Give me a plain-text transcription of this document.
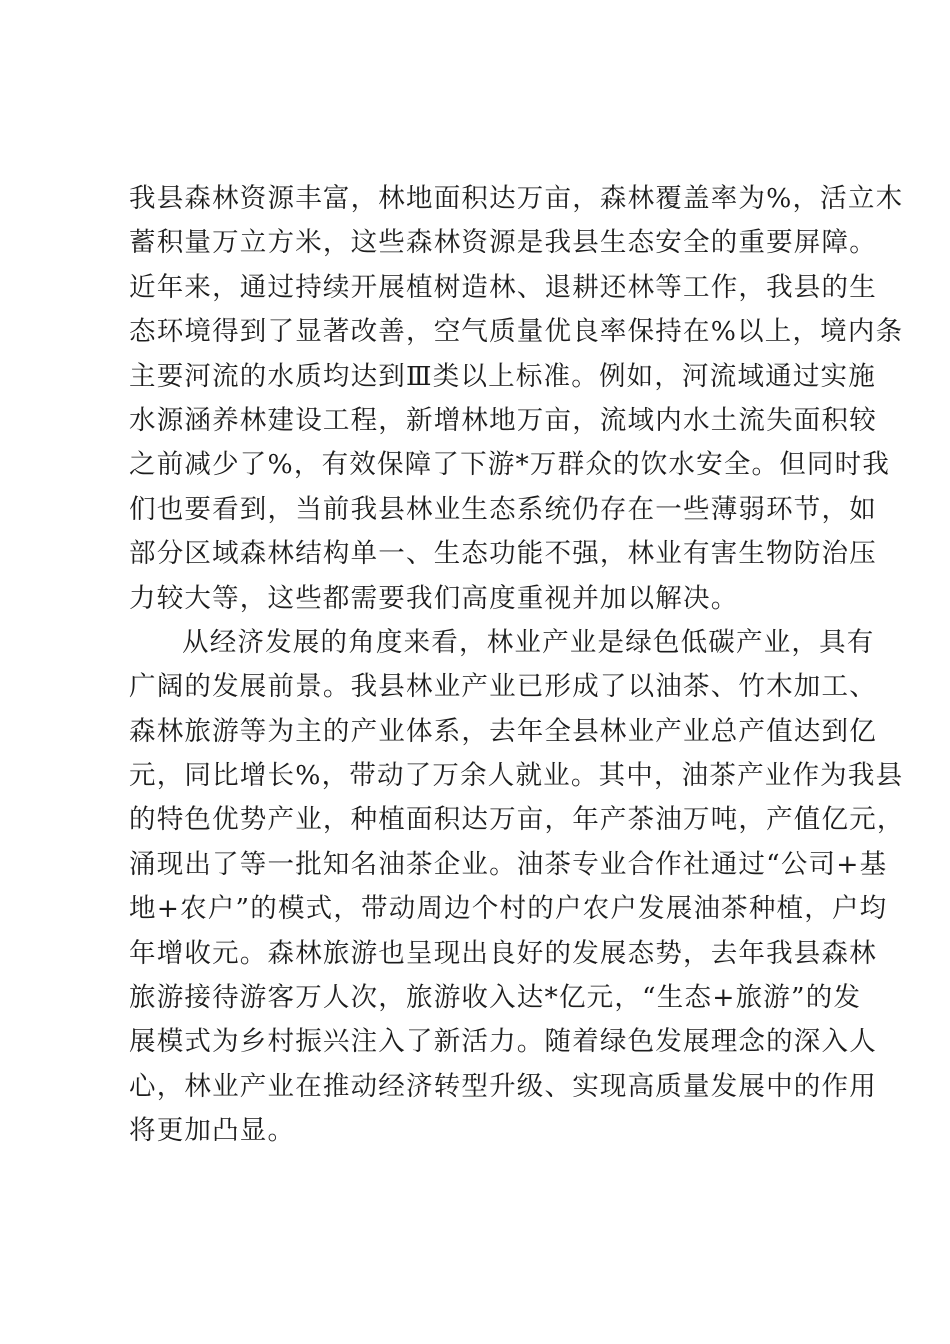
我县森林资源丰富，林地面积达万亩，森林覆盖率为%，活立木
蓄积量万立方米，这些森林资源是我县生态安全的重要屏障。
近年来，通过持续开展植树造林、退耕还林等工作，我县的生
态环境得到了显著改善，空气质量优良率保持在%以上，境内条
主要河流的水质均达到Ⅲ类以上标准。例如，河流域通过实施
水源涵养林建设工程，新增林地万亩，流域内水土流失面积较
之前减少了%，有效保障了下游*万群众的饮水安全。但同时我
们也要看到，当前我县林业生态系统仍存在一些薄弱环节，如
部分区域森林结构单一、生态功能不强，林业有害生物防治压
力较大等，这些都需要我们高度重视并加以解决。
从经济发展的角度来看，林业产业是绿色低碳产业，具有
广阔的发展前景。我县林业产业已形成了以油茶、竹木加工、
森林旅游等为主的产业体系，去年全县林业产业总产值达到亿
元，同比增长%，带动了万余人就业。其中，油茶产业作为我县
的特色优势产业，种植面积达万亩，年产茶油万吨，产值亿元，
涌现出了等一批知名油茶企业。油茶专业合作社通过“公司+基
地+农户”的模式，带动周边个村的户农户发展油茶种植，户均
年增收元。森林旅游也呈现出良好的发展态势，去年我县森林
旅游接待游客万人次，旅游收入达*亿元，“生态+旅游”的发
展模式为乡村振兴注入了新活力。随着绿色发展理念的深入人
心，林业产业在推动经济转型升级、实现高质量发展中的作用
将更加凸显。
